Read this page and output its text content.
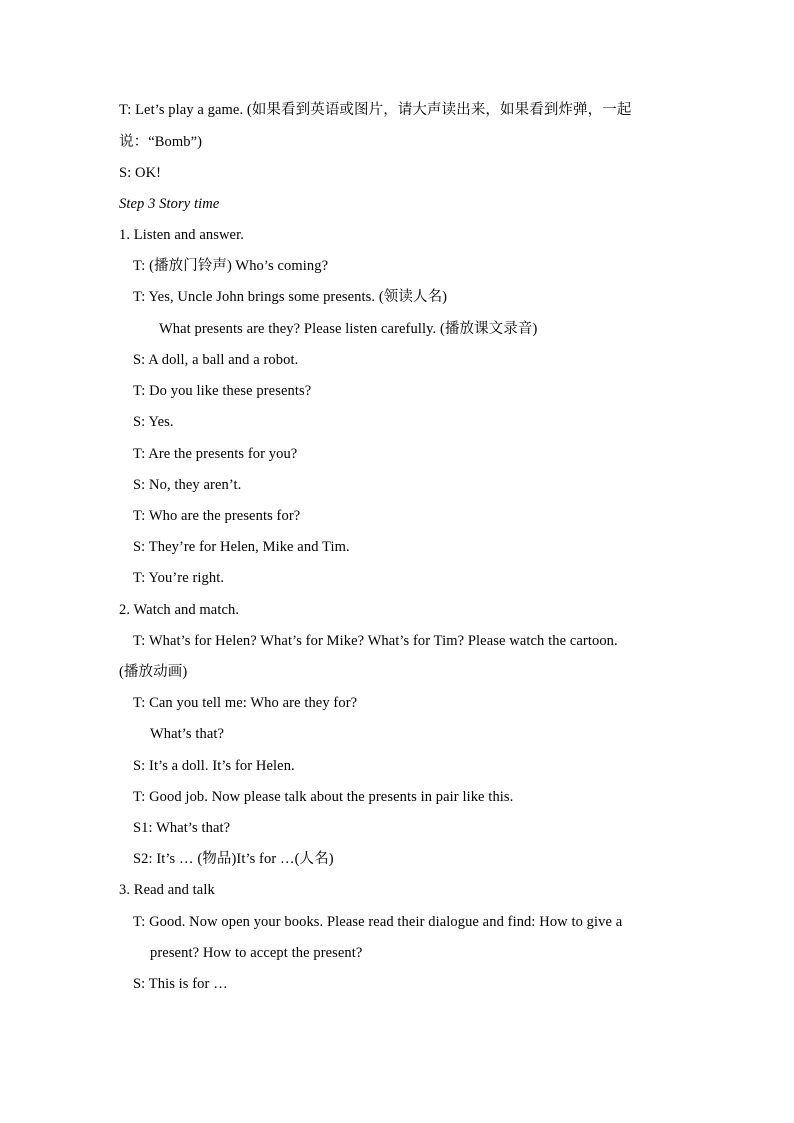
T: Let’s play a game. (如果看到英语或图片，请大声读出来，如果看到炸弹，一起
说：“Bomb”)
S: OK!
Step 3 Story time
1. Listen and answer.
T: (播放门铃声) Who’s coming?
T: Yes, Uncle John brings some presents. (领读人名)
What presents are they? Please listen carefully. (播放课文录音)
S: A doll, a ball and a robot.
T: Do you like these presents?
S: Yes.
T: Are the presents for you?
S: No, they aren’t.
T: Who are the presents for?
S: They’re for Helen, Mike and Tim.
T: You’re right.
2. Watch and match.
T: What’s for Helen? What’s for Mike? What’s for Tim? Please watch the cartoon.
(播放动画)
T: Can you tell me: Who are they for?
What’s that?
S: It’s a doll. It’s for Helen.
T: Good job. Now please talk about the presents in pair like this.
S1: What’s that?
S2: It’s … (物品)It’s for …(人名)
3. Read and talk
T: Good. Now open your books. Please read their dialogue and find: How to give a
present? How to accept the present?
S: This is for …
